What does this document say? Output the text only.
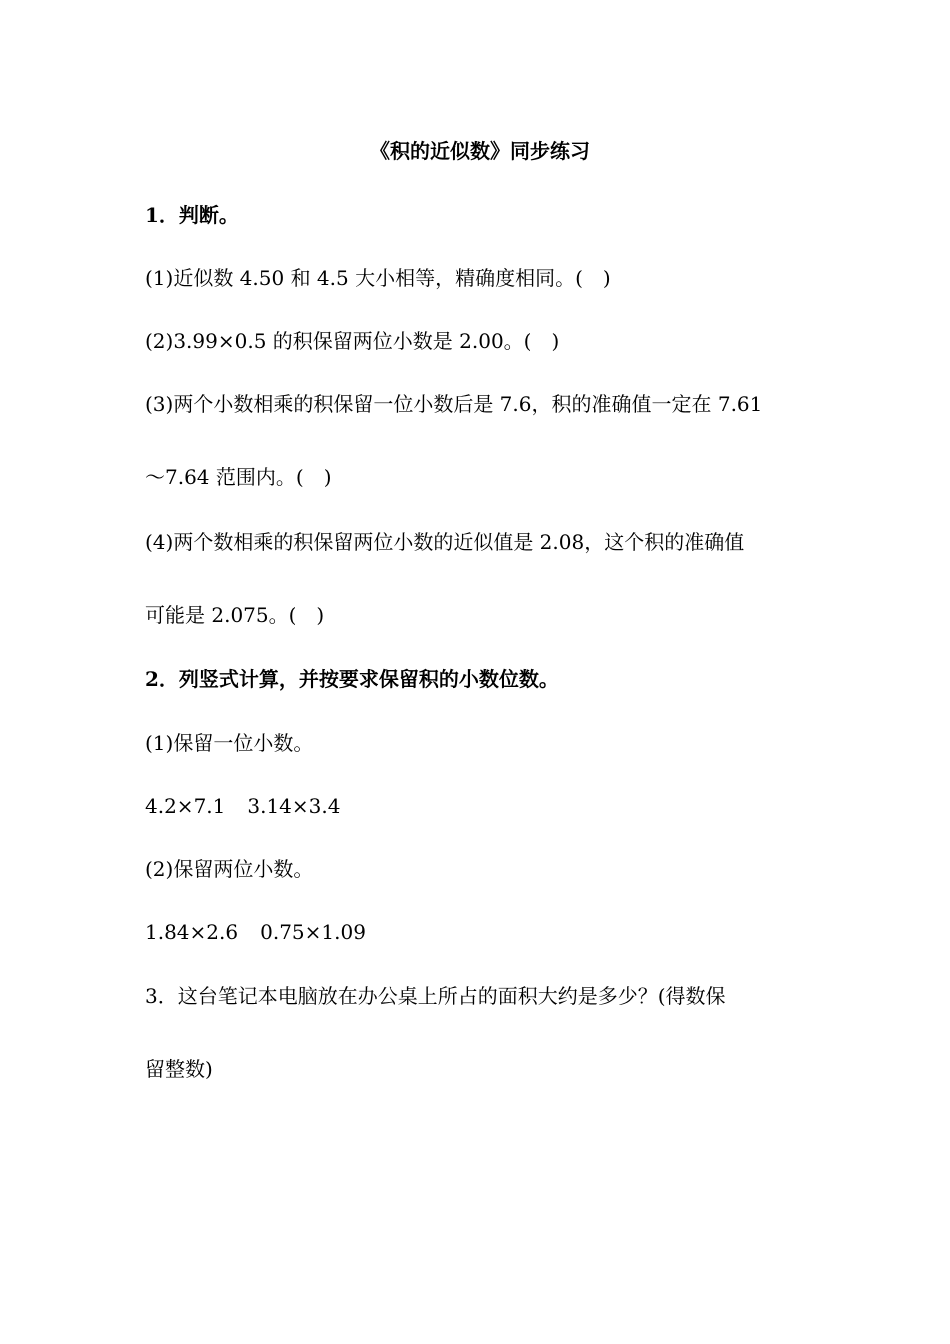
《积的近似数》同步练习
1．判断。
(1)近似数 4.50 和 4.5 大小相等，精确度相同。(　)
(2)3.99×0.5 的积保留两位小数是 2.00。(　)
(3)两个小数相乘的积保留一位小数后是 7.6，积的准确值一定在 7.61
～7.64 范围内。(　)
(4)两个数相乘的积保留两位小数的近似值是 2.08，这个积的准确值
可能是 2.075。(　)
2．列竖式计算，并按要求保留积的小数位数。
(1)保留一位小数。
4.2×7.1 3.14×3.4
(2)保留两位小数。
1.84×2.6 0.75×1.09
3．这台笔记本电脑放在办公桌上所占的面积大约是多少？(得数保
留整数)
